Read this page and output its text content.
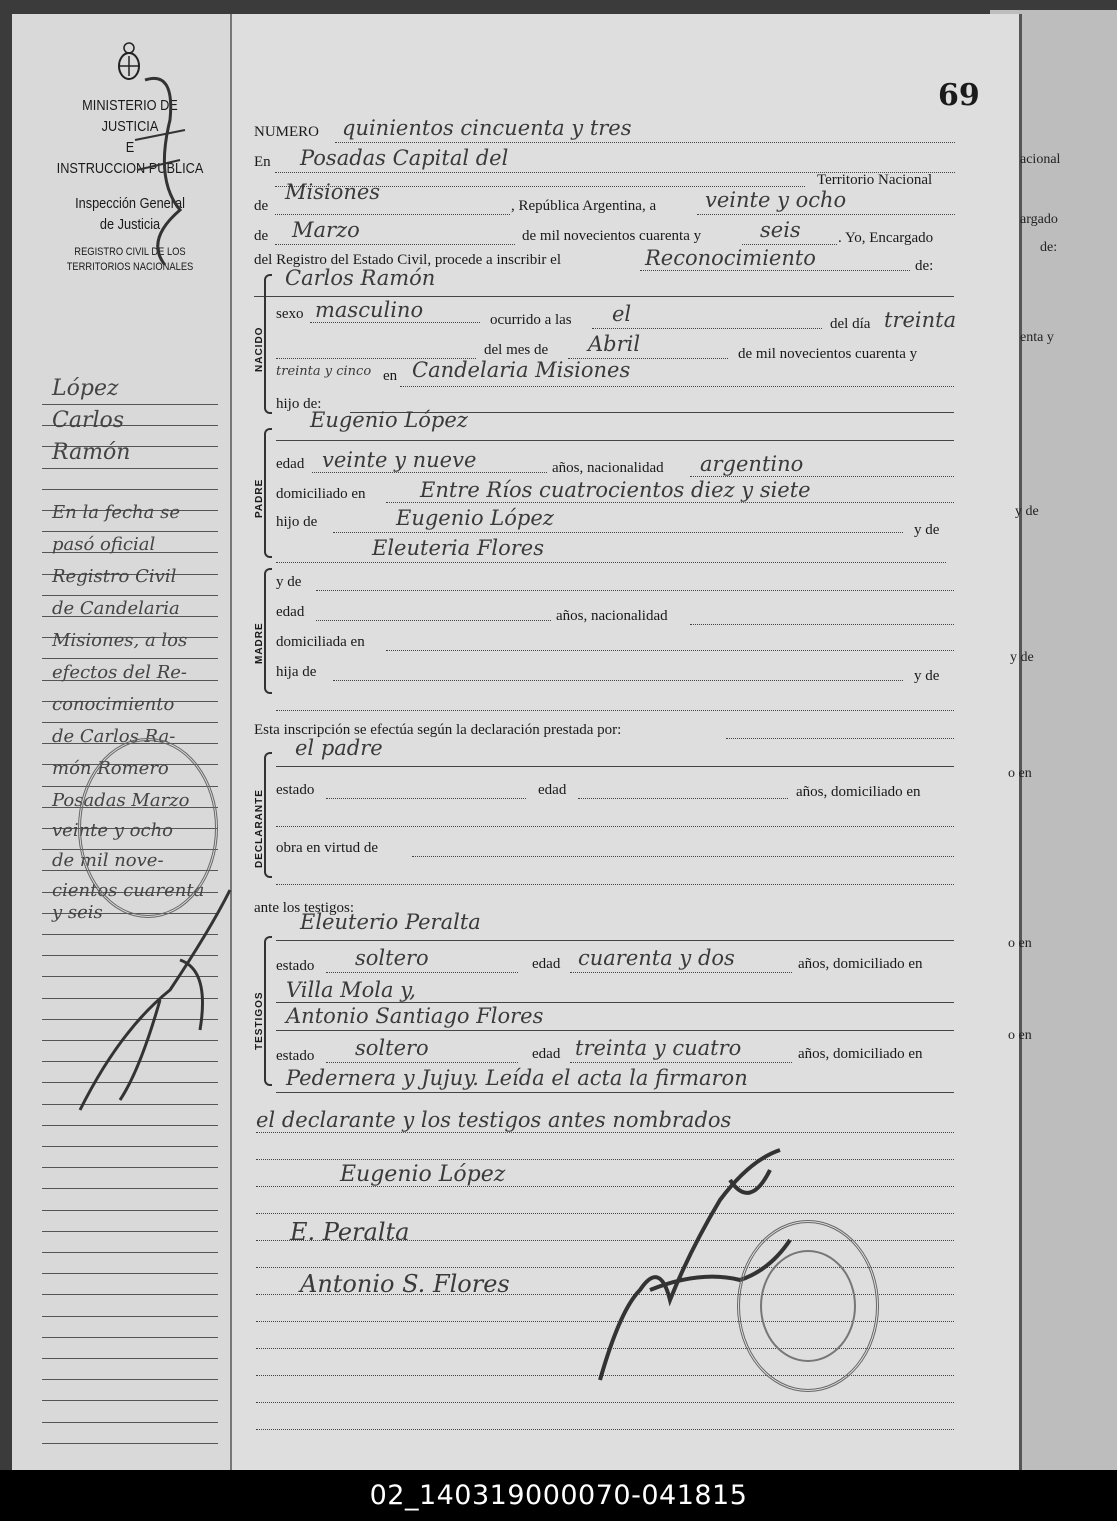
acional
argado
de:
enta y
y de
y de
o en
o en
o en
69
MINISTERIO DE JUSTICIA
E
INSTRUCCION PUBLICA
Inspección General
de Justicia
REGISTRO CIVIL DE LOS
TERRITORIOS NACIONALES
López
Carlos
Ramón
En la fecha se
pasó oficial
Registro Civil
de Candelaria
Misiones, a los
efectos del Re-
conocimiento
de Carlos Ra-
món Romero
Posadas Marzo
veinte y ocho
de mil nove-
cientos cuarenta
y seis
NUMERO quinientos cincuenta y tres
En Posadas Capital del
Territorio Nacional
de
Misiones
, República Argentina, a veinte y ocho
de Marzo	de mil novecientos cuarenta y	seis . Yo, Encargado
del Registro del Estado Civil, procede a inscribir el	Reconocimiento	de:
Carlos Ramón
NACIDO
sexo masculino	ocurrido a las el	del día treinta
del mes de Abril	de mil novecientos cuarenta y
treinta y cinco en Candelaria Misiones
hijo de:
Eugenio López
PADRE
edad veinte y nueve	años, nacionalidad argentino
domiciliado en	Entre Ríos cuatrocientos diez y siete
hijo de	Eugenio López	y de
Eleuteria Flores
MADRE
y de
edad	años, nacionalidad
domiciliada en
hija de	y de
Esta inscripción se efectúa según la declaración prestada por:
el padre
DECLARANTE estado	edad	años, domiciliado en
obra en virtud de
ante los testigos:
Eleuterio Peralta
TESTIGOS
estado soltero	edad cuarenta y dos	años, domiciliado en
Villa Mola y,
Antonio Santiago Flores
estado soltero	edad treinta y cuatro	años, domiciliado en
Pedernera y Jujuy. Leída el acta la firmaron
el declarante y los testigos antes nombrados
Eugenio López
E. Peralta
Antonio S. Flores
02_140319000070-041815
